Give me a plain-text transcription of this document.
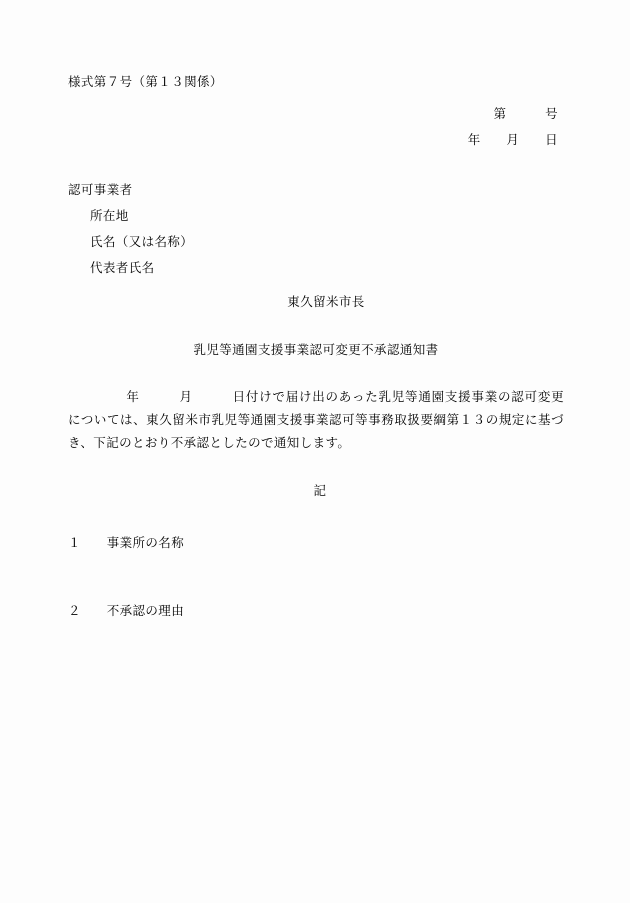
様式第７号（第１３関係）
第　　　号
年　　月　　日
認可事業者
所在地
氏名（又は名称）
代表者氏名
東久留米市長
乳児等通園支援事業認可変更不承認通知書
年　　　月　　　日付けで届け出のあった乳児等通園支援事業の認可変更については、東久留米市乳児等通園支援事業認可等事務取扱要綱第１３の規定に基づき、下記のとおり不承認としたので通知します。
記
１　　事業所の名称
２　　不承認の理由
